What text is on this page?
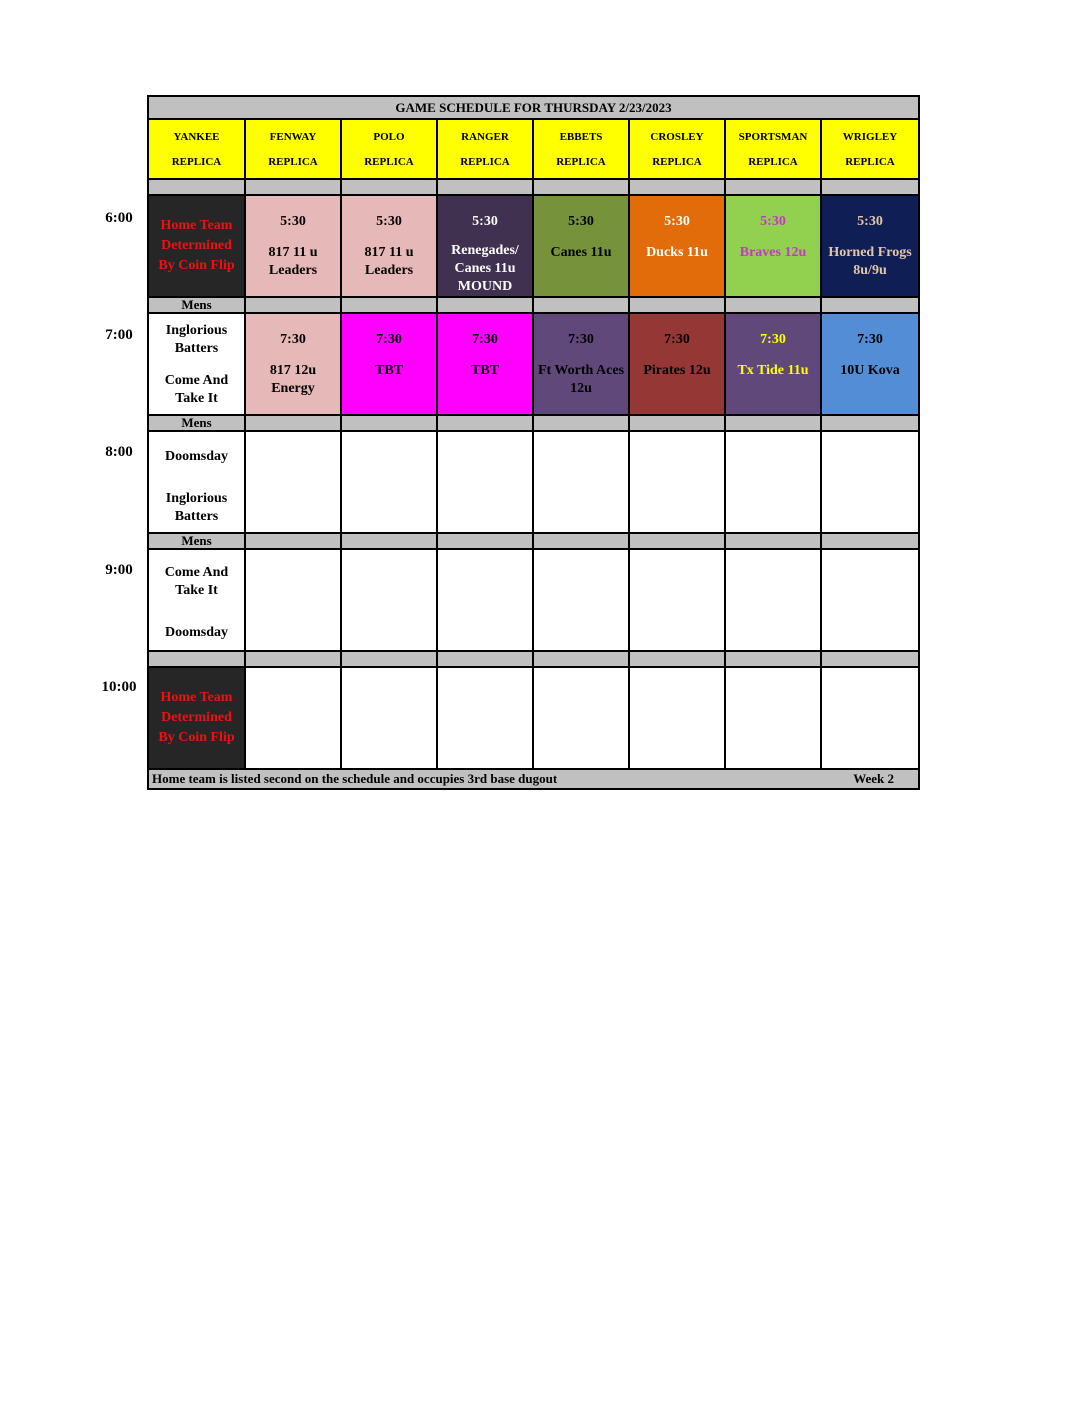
6:00
7:00
8:00
9:00
10:00
GAME SCHEDULE FOR THURSDAY 2/23/2023
YANKEE
REPLICA
FENWAY
REPLICA
POLO
REPLICA
RANGER
REPLICA
EBBETS
REPLICA
CROSLEY
REPLICA
SPORTSMAN
REPLICA
WRIGLEY
REPLICA
Home Team
Determined
By Coin Flip
5:30
817 11 u Leaders
5:30
817 11 u Leaders
5:30
Renegades/ Canes 11u MOUND
5:30
Canes 11u
5:30
Ducks 11u
5:30
Braves 12u
5:30
Horned Frogs 8u/9u
Mens
Inglorious Batters
Come And Take It
7:30
817 12u Energy
7:30
TBT
7:30
TBT
7:30
Ft Worth Aces 12u
7:30
Pirates 12u
7:30
Tx Tide 11u
7:30
10U Kova
Mens
Doomsday
Inglorious Batters
Mens
Come And Take It
Doomsday
Home Team
Determined
By Coin Flip
Home team is listed second on the schedule and occupies 3rd base dugout	Week 2
